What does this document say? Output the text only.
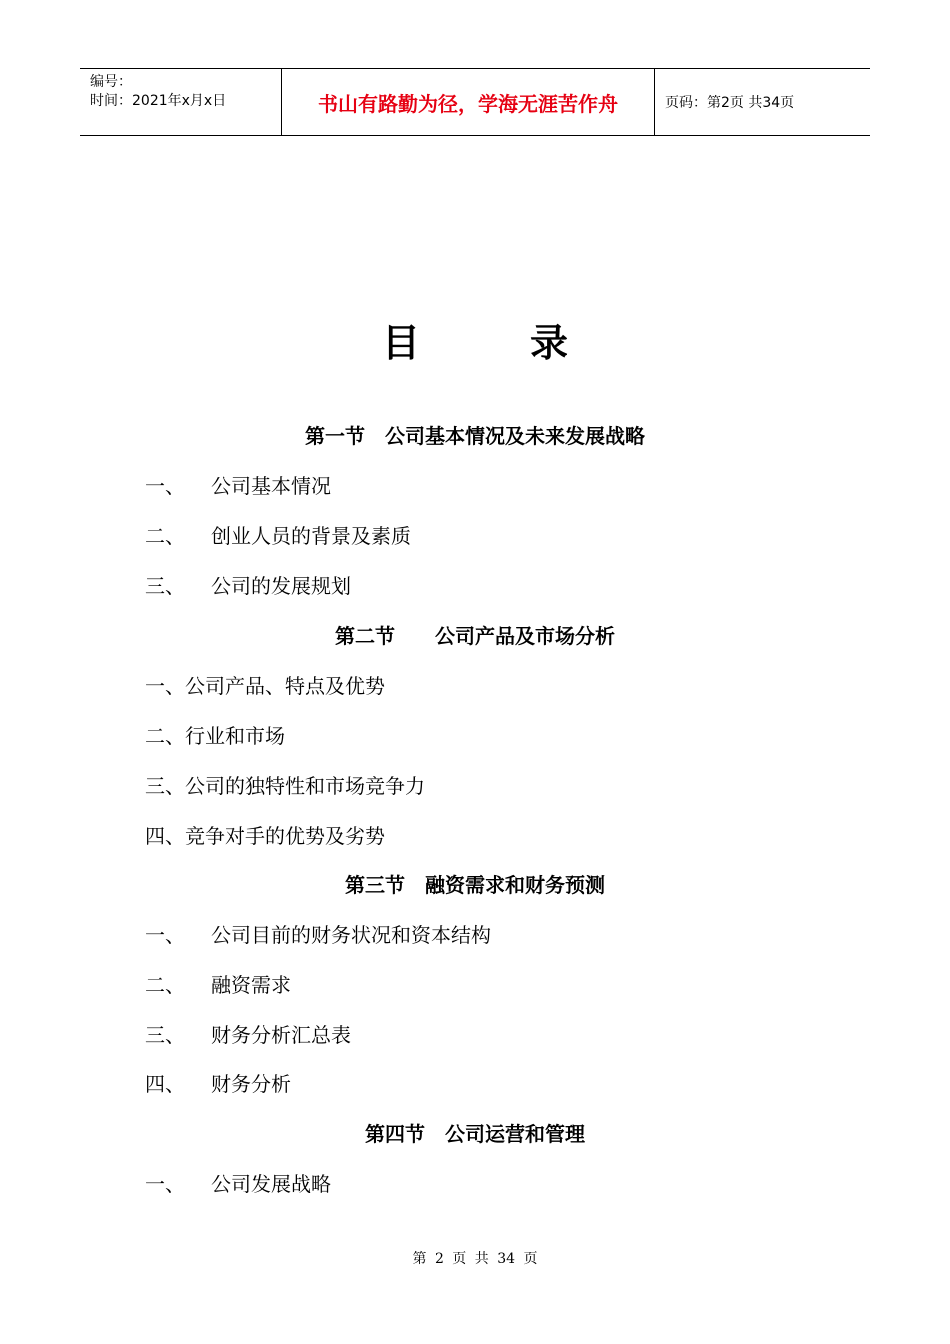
编号：
时间：2021年x月x日	书山有路勤为径，学海无涯苦作舟	页码：第2页 共34页
目	录
第一节　公司基本情况及未来发展战略
一、 公司基本情况
二、 创业人员的背景及素质
三、 公司的发展规划
第二节　　公司产品及市场分析
一、公司产品、特点及优势
二、行业和市场
三、公司的独特性和市场竞争力
四、竞争对手的优势及劣势
第三节　融资需求和财务预测
一、 公司目前的财务状况和资本结构
二、 融资需求
三、 财务分析汇总表
四、 财务分析
第四节　公司运营和管理
一、 公司发展战略
第 2 页 共 34 页
